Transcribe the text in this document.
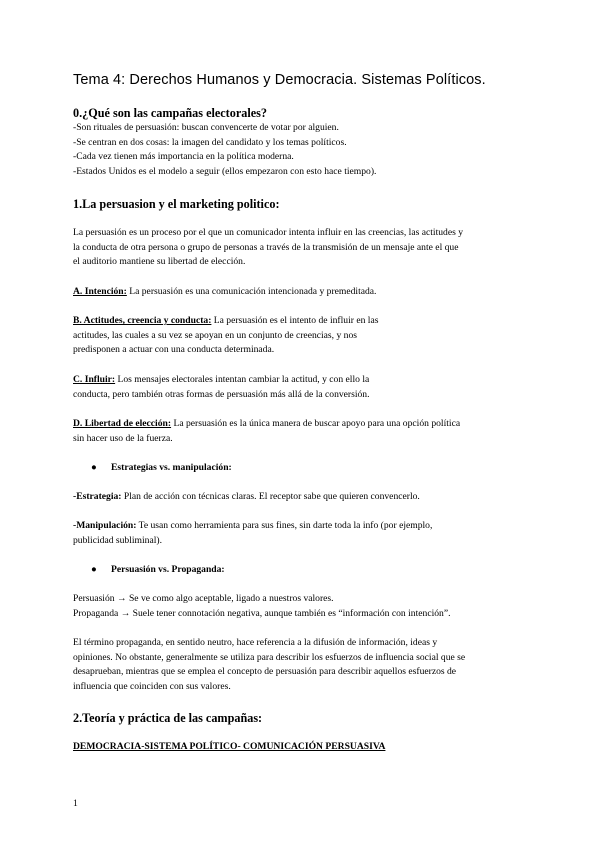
Tema 4: Derechos Humanos y Democracia. Sistemas Políticos.
0.¿Qué son las campañas electorales?
-Son rituales de persuasión: buscan convencerte de votar por alguien.
-Se centran en dos cosas: la imagen del candidato y los temas políticos.
-Cada vez tienen más importancia en la política moderna.
-Estados Unidos es el modelo a seguir (ellos empezaron con esto hace tiempo).
1.La persuasion y el marketing politico:
La persuasión es un proceso por el que un comunicador intenta influir en las creencias, las actitudes y
la conducta de otra persona o grupo de personas a través de la transmisión de un mensaje ante el que
el auditorio mantiene su libertad de elección.
A. Intención: La persuasión es una comunicación intencionada y premeditada.
B. Actitudes, creencia y conducta: La persuasión es el intento de influir en las
actitudes, las cuales a su vez se apoyan en un conjunto de creencias, y nos
predisponen a actuar con una conducta determinada.
C. Influir: Los mensajes electorales intentan cambiar la actitud, y con ello la
conducta, pero también otras formas de persuasión más allá de la conversión.
D. Libertad de elección: La persuasión es la única manera de buscar apoyo para una opción política
sin hacer uso de la fuerza.
● Estrategias vs. manipulación:
-Estrategia: Plan de acción con técnicas claras. El receptor sabe que quieren convencerlo.
-Manipulación: Te usan como herramienta para sus fines, sin darte toda la info (por ejemplo,
publicidad subliminal).
● Persuasión vs. Propaganda:
Persuasión → Se ve como algo aceptable, ligado a nuestros valores.
Propaganda → Suele tener connotación negativa, aunque también es “información con intención”.
El término propaganda, en sentido neutro, hace referencia a la difusión de información, ideas y
opiniones. No obstante, generalmente se utiliza para describir los esfuerzos de influencia social que se
desaprueban, mientras que se emplea el concepto de persuasión para describir aquellos esfuerzos de
influencia que coinciden con sus valores.
2.Teoría y práctica de las campañas:
DEMOCRACIA-SISTEMA POLÍTICO- COMUNICACIÓN PERSUASIVA
1
